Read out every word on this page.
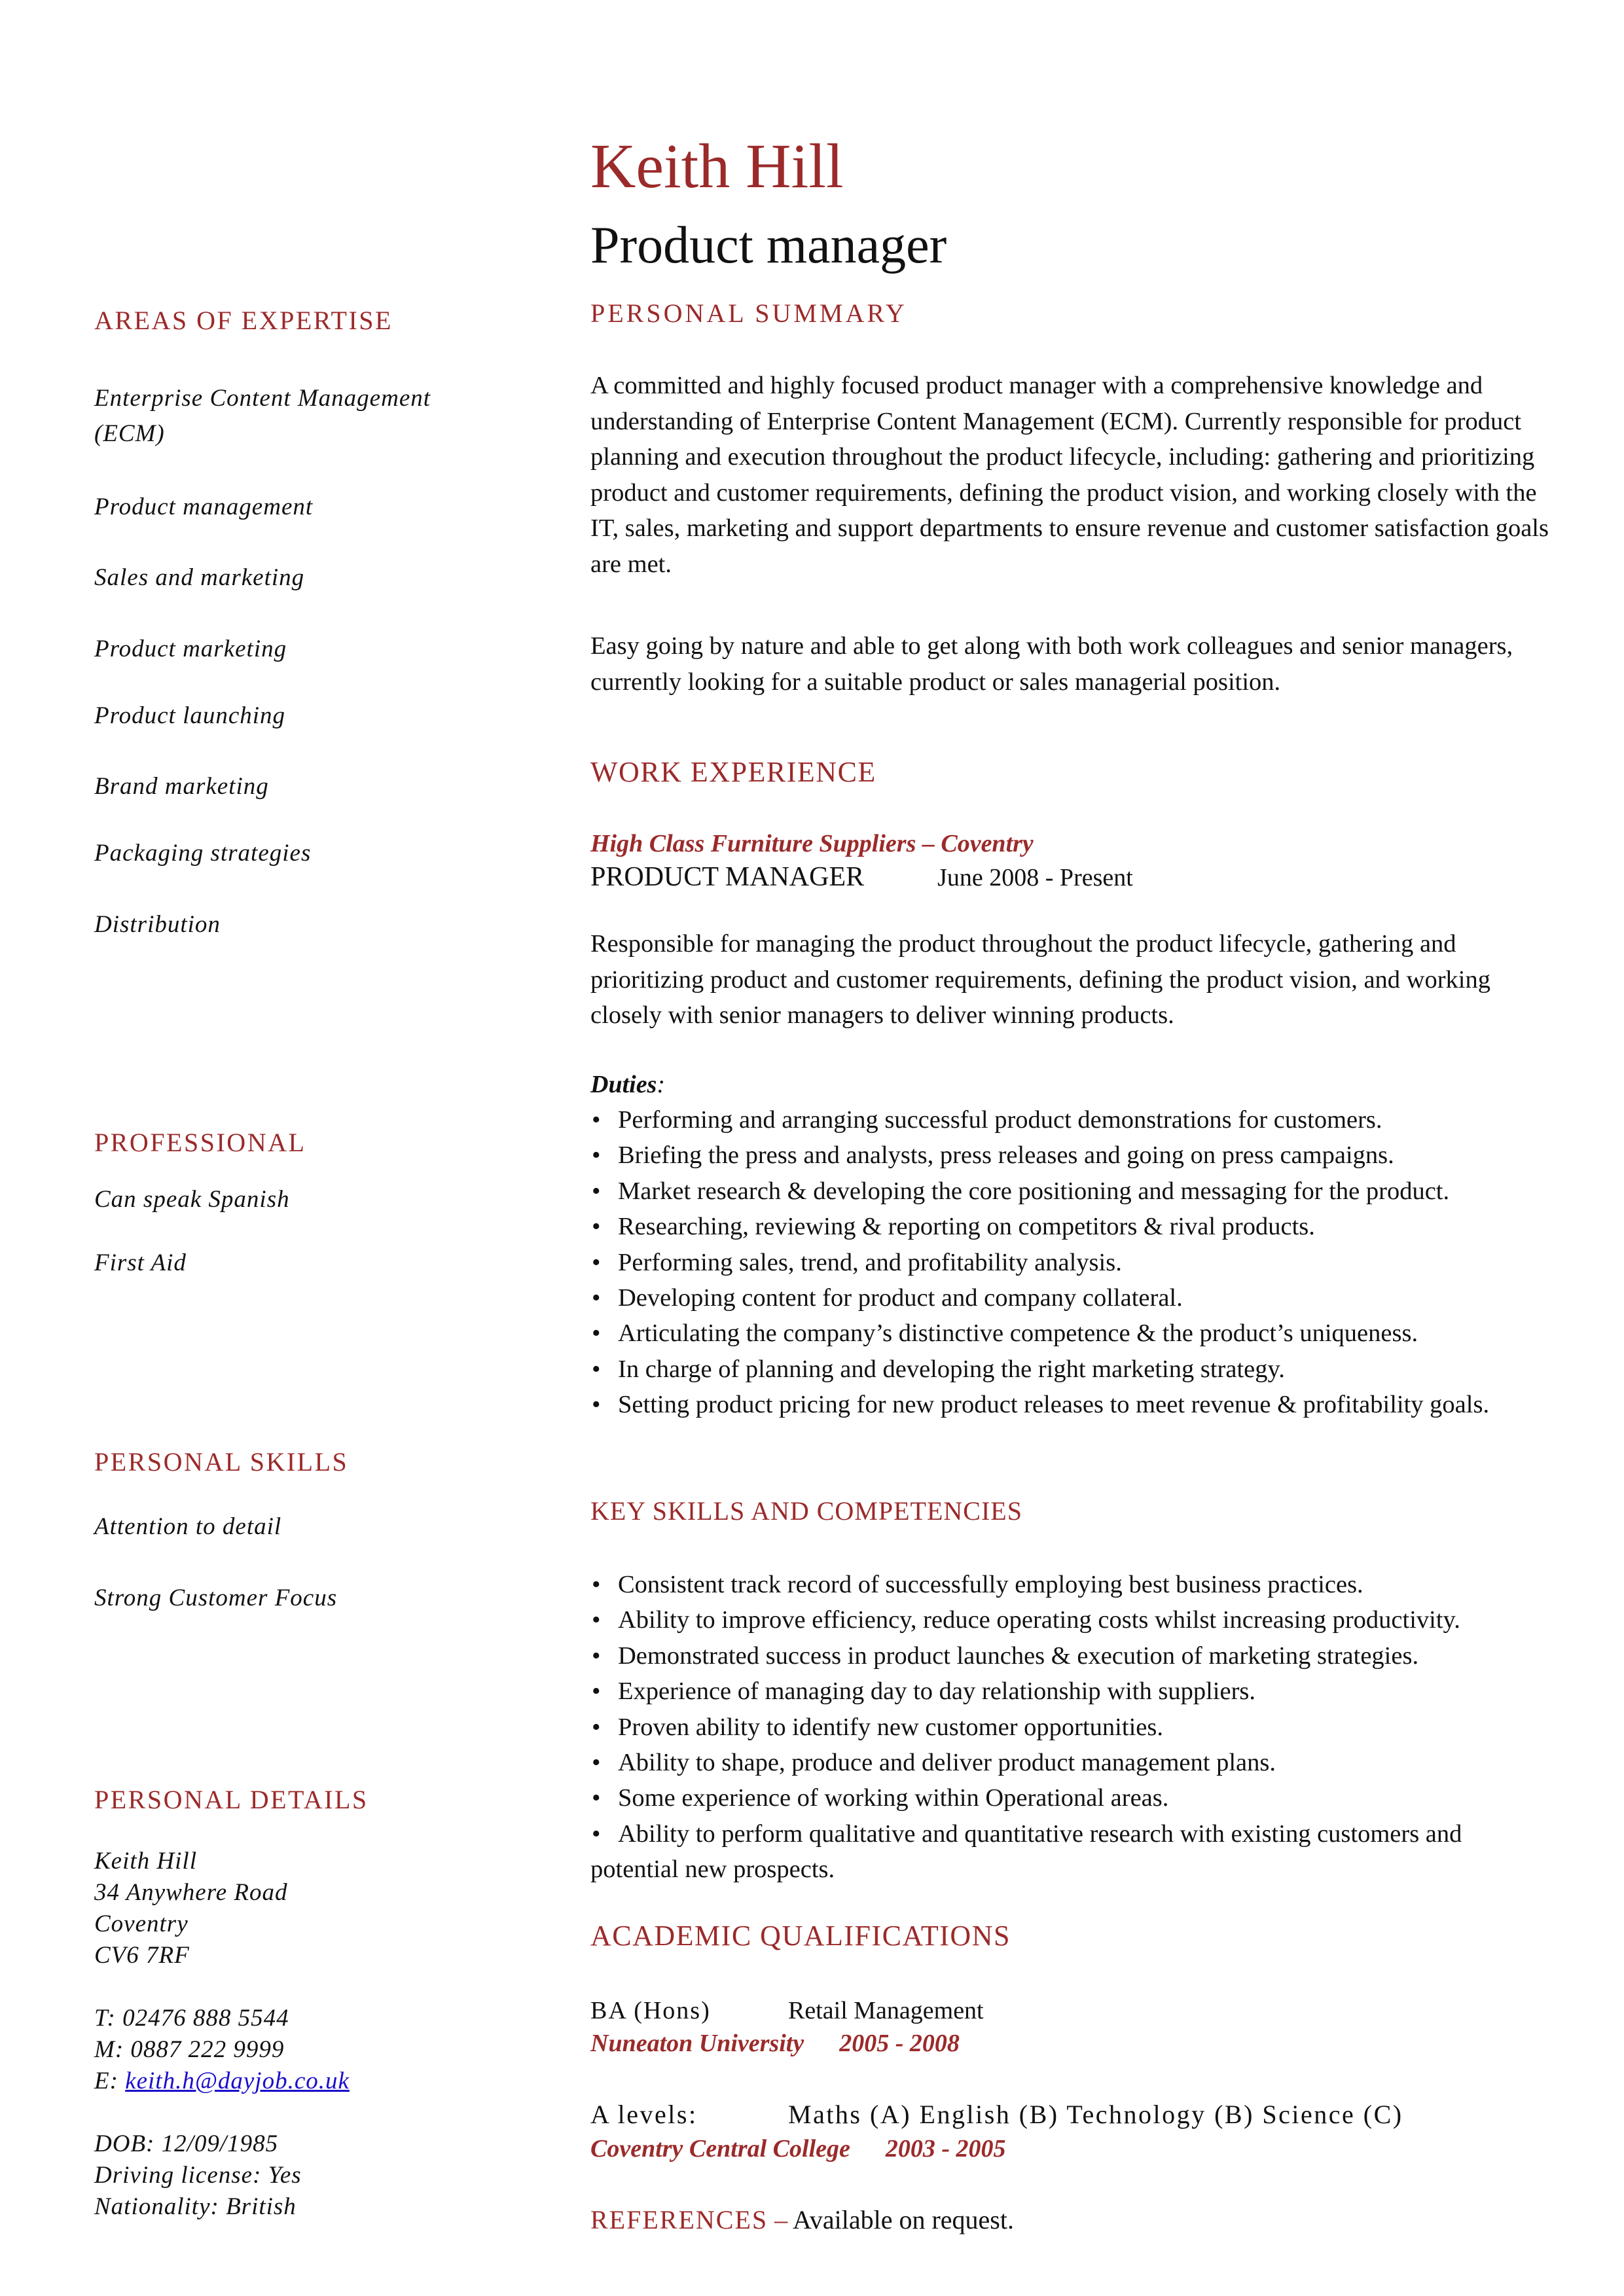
AREAS OF EXPERTISE
Enterprise Content Management (ECM)
Product management
Sales and marketing
Product marketing
Product launching
Brand marketing
Packaging strategies
Distribution
PROFESSIONAL
Can speak Spanish
First Aid
PERSONAL SKILLS
Attention to detail
Strong Customer Focus
PERSONAL DETAILS
Keith Hill
34 Anywhere Road
Coventry
CV6 7RF
T: 02476 888 5544
M: 0887 222 9999
E: keith.h@dayjob.co.uk
DOB: 12/09/1985
Driving license: Yes
Nationality: British
Keith Hill
Product manager
PERSONAL SUMMARY
A committed and highly focused product manager with a comprehensive knowledge and understanding of Enterprise Content Management (ECM). Currently responsible for product planning and execution throughout the product lifecycle, including: gathering and prioritizing product and customer requirements, defining the product vision, and working closely with the IT, sales, marketing and support departments to ensure revenue and customer satisfaction goals are met.
Easy going by nature and able to get along with both work colleagues and senior managers, currently looking for a suitable product or sales managerial position.
WORK EXPERIENCE
High Class Furniture Suppliers – Coventry
PRODUCT MANAGER	June 2008 - Present
Responsible for managing the product throughout the product lifecycle, gathering and prioritizing product and customer requirements, defining the product vision, and working closely with senior managers to deliver winning products.
Duties:
• Performing and arranging successful product demonstrations for customers.
• Briefing the press and analysts, press releases and going on press campaigns.
• Market research & developing the core positioning and messaging for the product.
• Researching, reviewing & reporting on competitors & rival products.
• Performing sales, trend, and profitability analysis.
• Developing content for product and company collateral.
• Articulating the company’s distinctive competence & the product’s uniqueness.
• In charge of planning and developing the right marketing strategy.
• Setting product pricing for new product releases to meet revenue & profitability goals.
KEY SKILLS AND COMPETENCIES
• Consistent track record of successfully employing best business practices.
• Ability to improve efficiency, reduce operating costs whilst increasing productivity.
• Demonstrated success in product launches & execution of marketing strategies.
• Experience of managing day to day relationship with suppliers.
• Proven ability to identify new customer opportunities.
• Ability to shape, produce and deliver product management plans.
• Some experience of working within Operational areas.
• Ability to perform qualitative and quantitative research with existing customers and potential new prospects.
ACADEMIC QUALIFICATIONS
BA (Hons)	Retail Management
Nuneaton University 2005 - 2008
A levels:	Maths (A) English (B) Technology (B) Science (C)
Coventry Central College 2003 - 2005
REFERENCES – Available on request.
